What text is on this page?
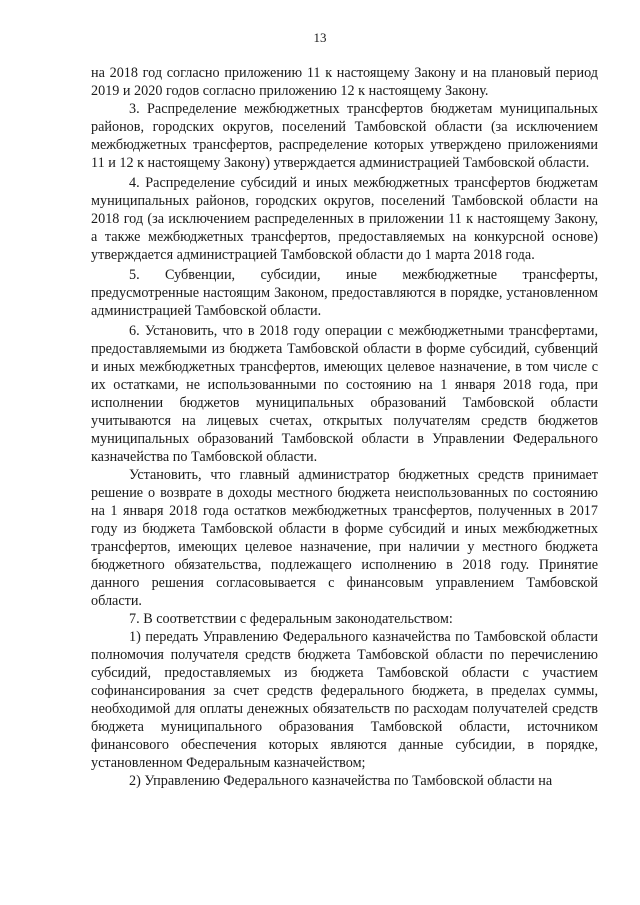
13

на 2018 год согласно приложению 11 к настоящему Закону и на плановый период 2019 и 2020 годов согласно приложению 12 к настоящему Закону.

3. Распределение межбюджетных трансфертов бюджетам муниципальных районов, городских округов, поселений Тамбовской области (за исключением межбюджетных трансфертов, распределение которых утверждено приложениями 11 и 12 к настоящему Закону) утверждается администрацией Тамбовской области.

4. Распределение субсидий и иных межбюджетных трансфертов бюджетам муниципальных районов, городских округов, поселений Тамбовской области на 2018 год (за исключением распределенных в приложении 11 к настоящему Закону, а также межбюджетных трансфертов, предоставляемых на конкурсной основе) утверждается администрацией Тамбовской области до 1 марта 2018 года.

5. Субвенции, субсидии, иные межбюджетные трансферты, предусмотренные настоящим Законом, предоставляются в порядке, установленном администрацией Тамбовской области.

6. Установить, что в 2018 году операции с межбюджетными трансфертами, предоставляемыми из бюджета Тамбовской области в форме субсидий, субвенций и иных межбюджетных трансфертов, имеющих целевое назначение, в том числе с их остатками, не использованными по состоянию на 1 января 2018 года, при исполнении бюджетов муниципальных образований Тамбовской области учитываются на лицевых счетах, открытых получателям средств бюджетов муниципальных образований Тамбовской области в Управлении Федерального казначейства по Тамбовской области.

Установить, что главный администратор бюджетных средств принимает решение о возврате в доходы местного бюджета неиспользованных по состоянию на 1 января 2018 года остатков межбюджетных трансфертов, полученных в 2017 году из бюджета Тамбовской области в форме субсидий и иных межбюджетных трансфертов, имеющих целевое назначение, при наличии у местного бюджета бюджетного обязательства, подлежащего исполнению в 2018 году. Принятие данного решения согласовывается с финансовым управлением Тамбовской области.

7. В соответствии с федеральным законодательством:

1) передать Управлению Федерального казначейства по Тамбовской области полномочия получателя средств бюджета Тамбовской области по перечислению субсидий, предоставляемых из бюджета Тамбовской области с участием софинансирования за счет средств федерального бюджета, в пределах суммы, необходимой для оплаты денежных обязательств по расходам получателей средств бюджета муниципального образования Тамбовской области, источником финансового обеспечения которых являются данные субсидии, в порядке, установленном Федеральным казначейством;

2) Управлению Федерального казначейства по Тамбовской области на
